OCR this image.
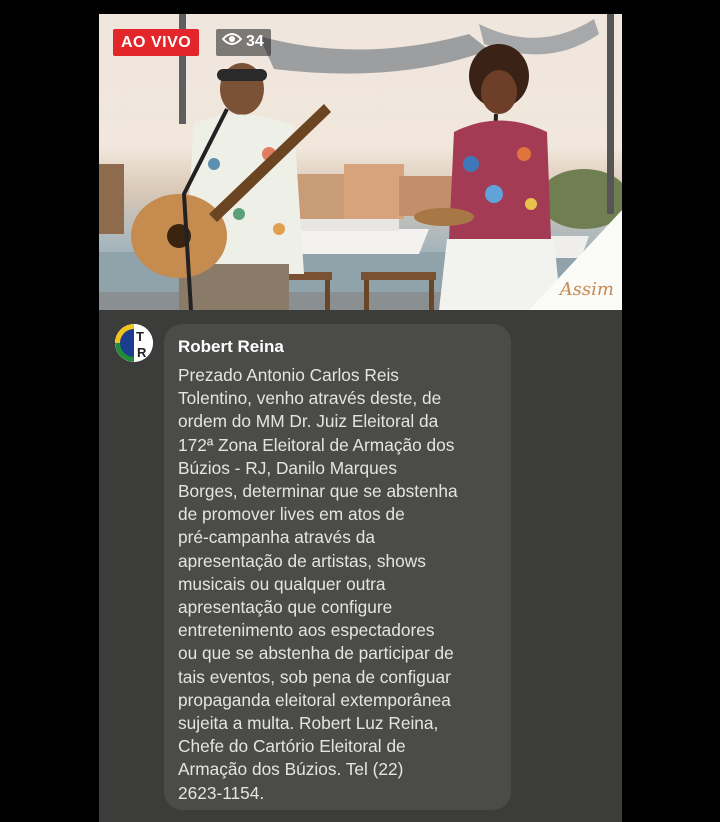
AO VIVO	34
Assim
T
R Robert Reina
Prezado Antonio Carlos Reis
Tolentino, venho através deste, de
ordem do MM Dr. Juiz Eleitoral da
172ª Zona Eleitoral de Armação dos
Búzios - RJ, Danilo Marques
Borges, determinar que se abstenha
de promover lives em atos de
pré-campanha através da
apresentação de artistas, shows
musicais ou qualquer outra
apresentação que configure
entretenimento aos espectadores
ou que se abstenha de participar de
tais eventos, sob pena de configuar
propaganda eleitoral extemporânea
sujeita a multa. Robert Luz Reina,
Chefe do Cartório Eleitoral de
Armação dos Búzios. Tel (22)
2623-1154.
